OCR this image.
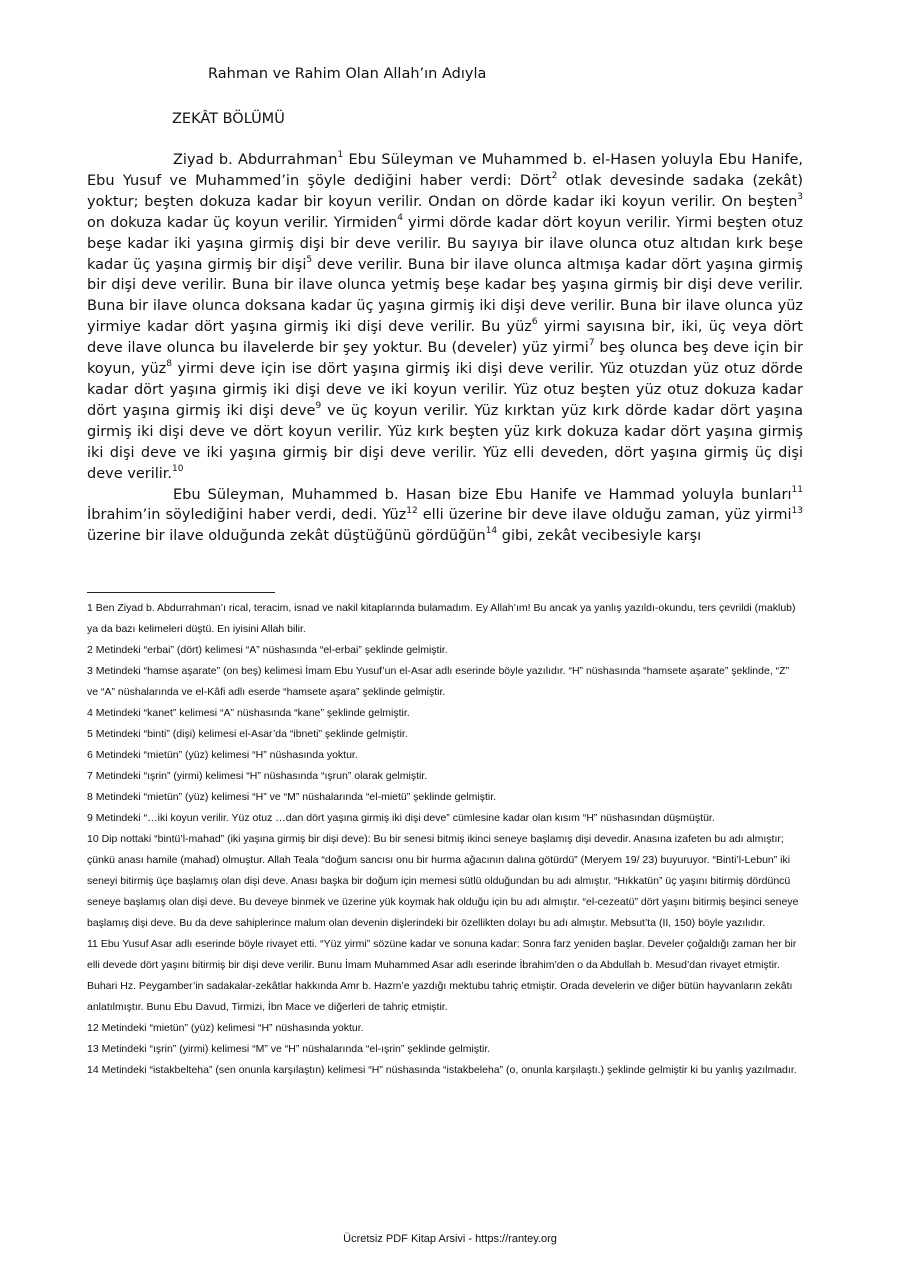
Rahman ve Rahim Olan Allah’ın Adıyla
ZEKÂT BÖLÜMÜ

Ziyad b. Abdurrahman$^1$ Ebu Süleyman ve Muhammed b. el-Hasen yoluyla Ebu Hanife, Ebu Yusuf ve Muhammed’in şöyle dediğini haber verdi: Dört$^2$ otlak devesinde sadaka (zekât) yoktur; beşten dokuza kadar bir koyun verilir. Ondan on dörde kadar iki koyun verilir. On beşten$^3$ on dokuza kadar üç koyun verilir. Yirmiden$^4$ yirmi dörde kadar dört koyun verilir. Yirmi beşten otuz beşe kadar iki yaşına girmiş dişi bir deve verilir. Bu sayıya bir ilave olunca otuz altıdan kırk beşe kadar üç yaşına girmiş bir dişi$^5$ deve verilir. Buna bir ilave olunca altmışa kadar dört yaşına girmiş bir dişi deve verilir. Buna bir ilave olunca yetmiş beşe kadar beş yaşına girmiş bir dişi deve verilir. Buna bir ilave olunca doksana kadar üç yaşına girmiş iki dişi deve verilir. Buna bir ilave olunca yüz yirmiye kadar dört yaşına girmiş iki dişi deve verilir. Bu yüz$^6$ yirmi sayısına bir, iki, üç veya dört deve ilave olunca bu ilavelerde bir şey yoktur. Bu (develer) yüz yirmi$^7$ beş olunca beş deve için bir koyun, yüz$^8$ yirmi deve için ise dört yaşına girmiş iki dişi deve verilir. Yüz otuzdan yüz otuz dörde kadar dört yaşına girmiş iki dişi deve ve iki koyun verilir. Yüz otuz beşten yüz otuz dokuza kadar dört yaşına girmiş iki dişi deve$^9$ ve üç koyun verilir. Yüz kırktan yüz kırk dörde kadar dört yaşına girmiş iki dişi deve ve dört koyun verilir. Yüz kırk beşten yüz kırk dokuza kadar dört yaşına girmiş iki dişi deve ve iki yaşına girmiş bir dişi deve verilir. Yüz elli deveden, dört yaşına girmiş üç dişi deve verilir.$^{10}$

Ebu Süleyman, Muhammed b. Hasan bize Ebu Hanife ve Hammad yoluyla bunları$^{11}$ İbrahim’in söylediğini haber verdi, dedi. Yüz$^{12}$ elli üzerine bir deve ilave olduğu zaman, yüz yirmi$^{13}$ üzerine bir ilave olduğunda zekât düştüğünü gördüğün$^{14}$ gibi, zekât vecibesiyle karşı

1 Ben Ziyad b. Abdurrahman’ı rical, teracim, isnad ve nakil kitaplarında bulamadım. Ey Allah’ım! Bu ancak ya yanlış yazıldı-okundu, ters çevrildi (maklub) ya da bazı kelimeleri düştü. En iyisini Allah bilir.

2 Metindeki “erbai” (dört) kelimesi “A” nüshasında “el-erbai” şeklinde gelmiştir.

3 Metindeki “hamse aşarate” (on beş) kelimesi İmam Ebu Yusuf’un el-Asar adlı eserinde böyle yazılıdır. “H” nüshasında “hamsete aşarate” şeklinde, “Z” ve “A” nüshalarında ve el-Kâfi adlı eserde “hamsete aşara” şeklinde gelmiştir.

4 Metindeki “kanet” kelimesi “A” nüshasında “kane” şeklinde gelmiştir.

5 Metindeki “binti” (dişi) kelimesi el-Asar’da “ibneti” şeklinde gelmiştir.

6 Metindeki “mietün” (yüz) kelimesi “H” nüshasında yoktur.

7 Metindeki “ışrin” (yirmi) kelimesi “H” nüshasında “ışrun” olarak gelmiştir.

8 Metindeki “mietün” (yüz) kelimesi “H” ve “M” nüshalarında “el-mietü” şeklinde gelmiştir.

9 Metindeki “…iki koyun verilir. Yüz otuz …dan dört yaşına girmiş iki dişi deve” cümlesine kadar olan kısım “H” nüshasından düşmüştür.

10 Dip nottaki “bintü’l-mahad” (iki yaşına girmiş bir dişi deve): Bu bir senesi bitmiş ikinci seneye başlamış dişi devedir. Anasına izafeten bu adı almıştır; çünkü anası hamile (mahad) olmuştur. Allah Teala “doğum sancısı onu bir hurma ağacının dalına götürdü” (Meryem 19/ 23) buyuruyor. “Binti’l-Lebun” iki seneyi bitirmiş üçe başlamış olan dişi deve. Anası başka bir doğum için memesi sütlü olduğundan bu adı almıştır. “Hıkkatün” üç yaşını bitirmiş dördüncü seneye başlamış olan dişi deve. Bu deveye binmek ve üzerine yük koymak hak olduğu için bu adı almıştır. “el-cezeatü” dört yaşını bitirmiş beşinci seneye başlamış dişi deve. Bu da deve sahiplerince malum olan devenin dişlerindeki bir özellikten dolayı bu adı almıştır. Mebsut’ta (II, 150) böyle yazılıdır.

11 Ebu Yusuf Asar adlı eserinde böyle rivayet etti. “Yüz yirmi” sözüne kadar ve sonuna kadar: Sonra farz yeniden başlar. Develer çoğaldığı zaman her bir elli devede dört yaşını bitirmiş bir dişi deve verilir. Bunu İmam Muhammed Asar adlı eserinde İbrahim’den o da Abdullah b. Mesud’dan rivayet etmiştir. Buhari Hz. Peygamber’in sadakalar-zekâtlar hakkında Amr b. Hazm’e yazdığı mektubu tahriç etmiştir. Orada develerin ve diğer bütün hayvanların zekâtı anlatılmıştır. Bunu Ebu Davud, Tirmizi, İbn Mace ve diğerleri de tahriç etmiştir.

12 Metindeki “mietün” (yüz) kelimesi “H” nüshasında yoktur.

13 Metindeki “ışrin” (yirmi) kelimesi “M” ve “H” nüshalarında “el-ışrin” şeklinde gelmiştir.

14 Metindeki “istakbelteha” (sen onunla karşılaştın) kelimesi “H” nüshasında “istakbeleha” (o, onunla karşılaştı.) şeklinde gelmiştir ki bu yanlış yazılmadır.

Ücretsiz PDF Kitap Arsivi - https://rantey.org
